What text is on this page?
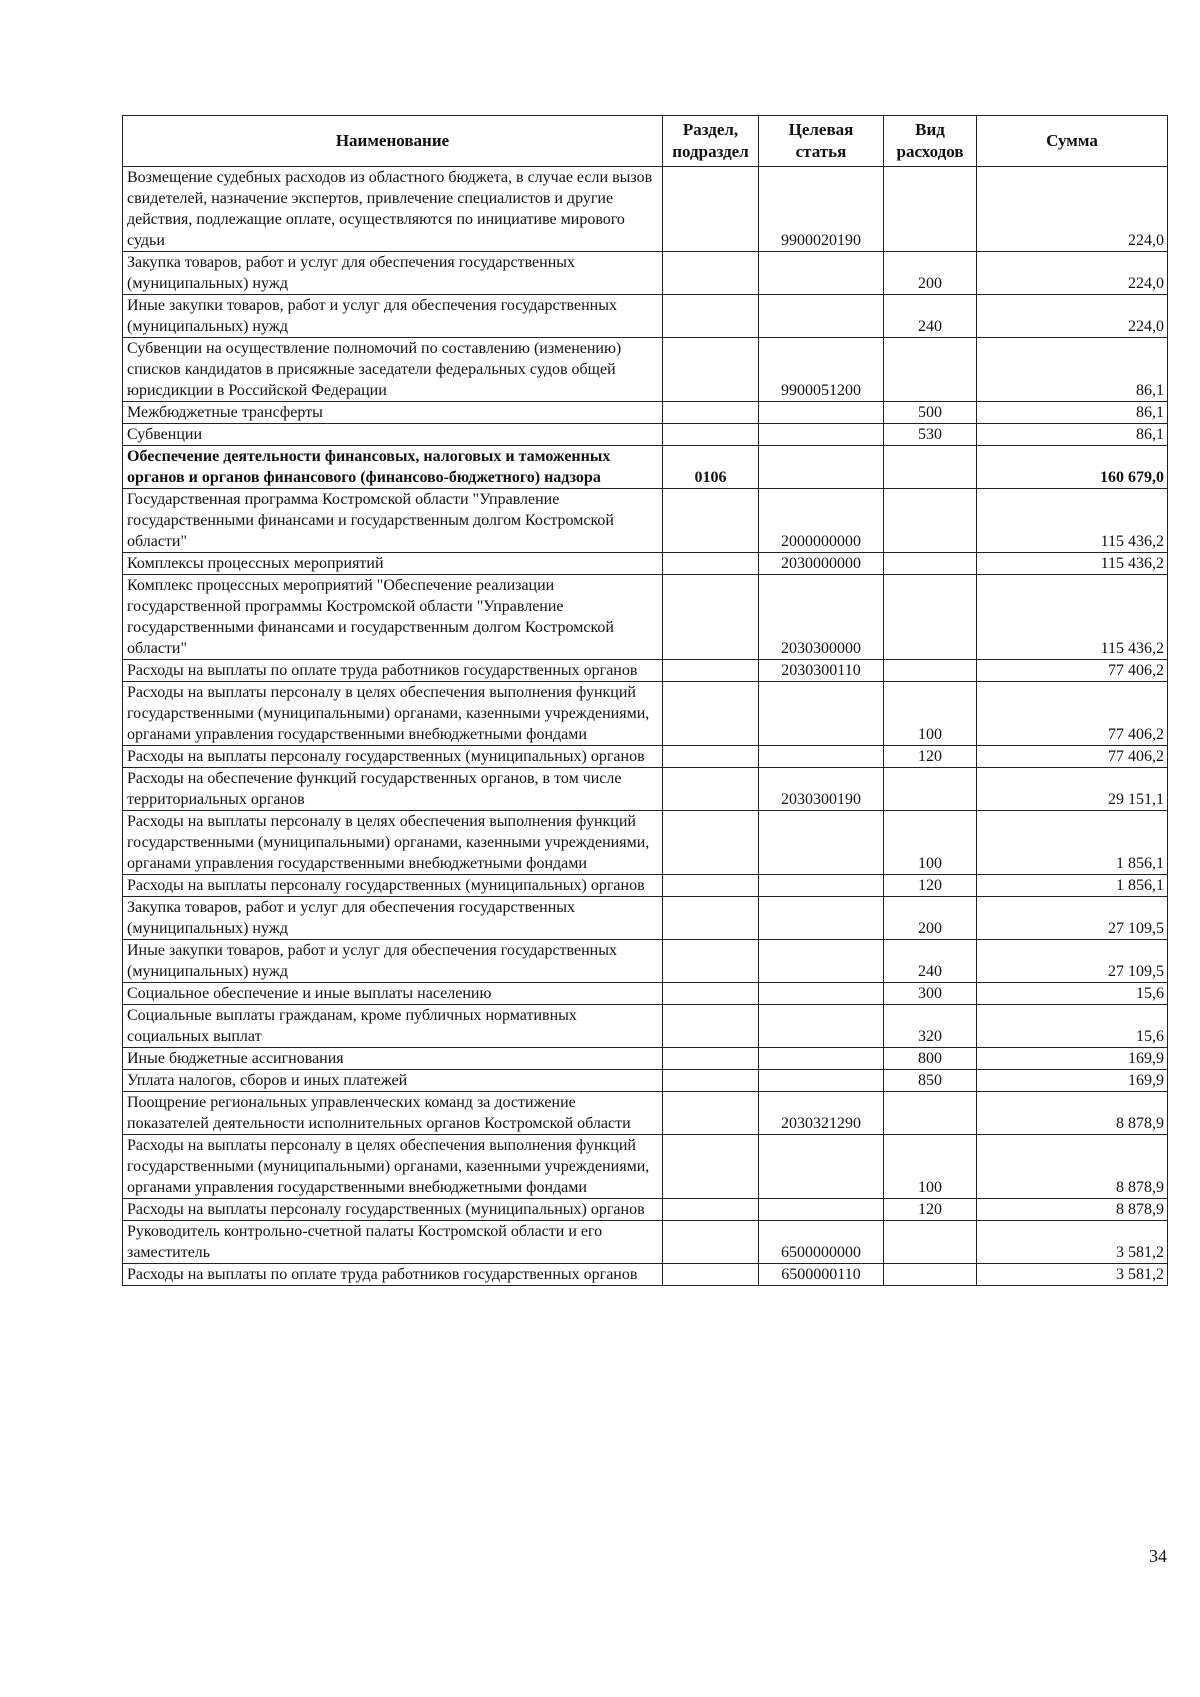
Наименование	Раздел, подраздел	Целевая статья	Вид расходов	Сумма
Возмещение судебных расходов из областного бюджета, в случае если вызов свидетелей, назначение экспертов, привлечение специалистов и другие действия, подлежащие оплате, осуществляются по инициативе мирового судьи		9900020190		224,0
Закупка товаров, работ и услуг для обеспечения государственных (муниципальных) нужд			200	224,0
Иные закупки товаров, работ и услуг для обеспечения государственных (муниципальных) нужд			240	224,0
Субвенции на осуществление полномочий по составлению (изменению) списков кандидатов в присяжные заседатели федеральных судов общей юрисдикции в Российской Федерации		9900051200		86,1
Межбюджетные трансферты			500	86,1
Субвенции			530	86,1
Обеспечение деятельности финансовых, налоговых и таможенных органов и органов финансового (финансово-бюджетного) надзора	0106			160 679,0
Государственная программа Костромской области "Управление государственными финансами и государственным долгом Костромской области"		2000000000		115 436,2
Комплексы процессных мероприятий		2030000000		115 436,2
Комплекс процессных мероприятий "Обеспечение реализации государственной программы Костромской области "Управление государственными финансами и государственным долгом Костромской области"		2030300000		115 436,2
Расходы на выплаты по оплате труда работников государственных органов		2030300110		77 406,2
Расходы на выплаты персоналу в целях обеспечения выполнения функций государственными (муниципальными) органами, казенными учреждениями, органами управления государственными внебюджетными фондами			100	77 406,2
Расходы на выплаты персоналу государственных (муниципальных) органов			120	77 406,2
Расходы на обеспечение функций государственных органов, в том числе территориальных органов		2030300190		29 151,1
Расходы на выплаты персоналу в целях обеспечения выполнения функций государственными (муниципальными) органами, казенными учреждениями, органами управления государственными внебюджетными фондами			100	1 856,1
Расходы на выплаты персоналу государственных (муниципальных) органов			120	1 856,1
Закупка товаров, работ и услуг для обеспечения государственных (муниципальных) нужд			200	27 109,5
Иные закупки товаров, работ и услуг для обеспечения государственных (муниципальных) нужд			240	27 109,5
Социальное обеспечение и иные выплаты населению			300	15,6
Социальные выплаты гражданам, кроме публичных нормативных социальных выплат			320	15,6
Иные бюджетные ассигнования			800	169,9
Уплата налогов, сборов и иных платежей			850	169,9
Поощрение региональных управленческих команд за достижение показателей деятельности исполнительных органов Костромской области		2030321290		8 878,9
Расходы на выплаты персоналу в целях обеспечения выполнения функций государственными (муниципальными) органами, казенными учреждениями, органами управления государственными внебюджетными фондами			100	8 878,9
Расходы на выплаты персоналу государственных (муниципальных) органов			120	8 878,9
Руководитель контрольно-счетной палаты Костромской области и его заместитель		6500000000		3 581,2
Расходы на выплаты по оплате труда работников государственных органов		6500000110		3 581,2
34
